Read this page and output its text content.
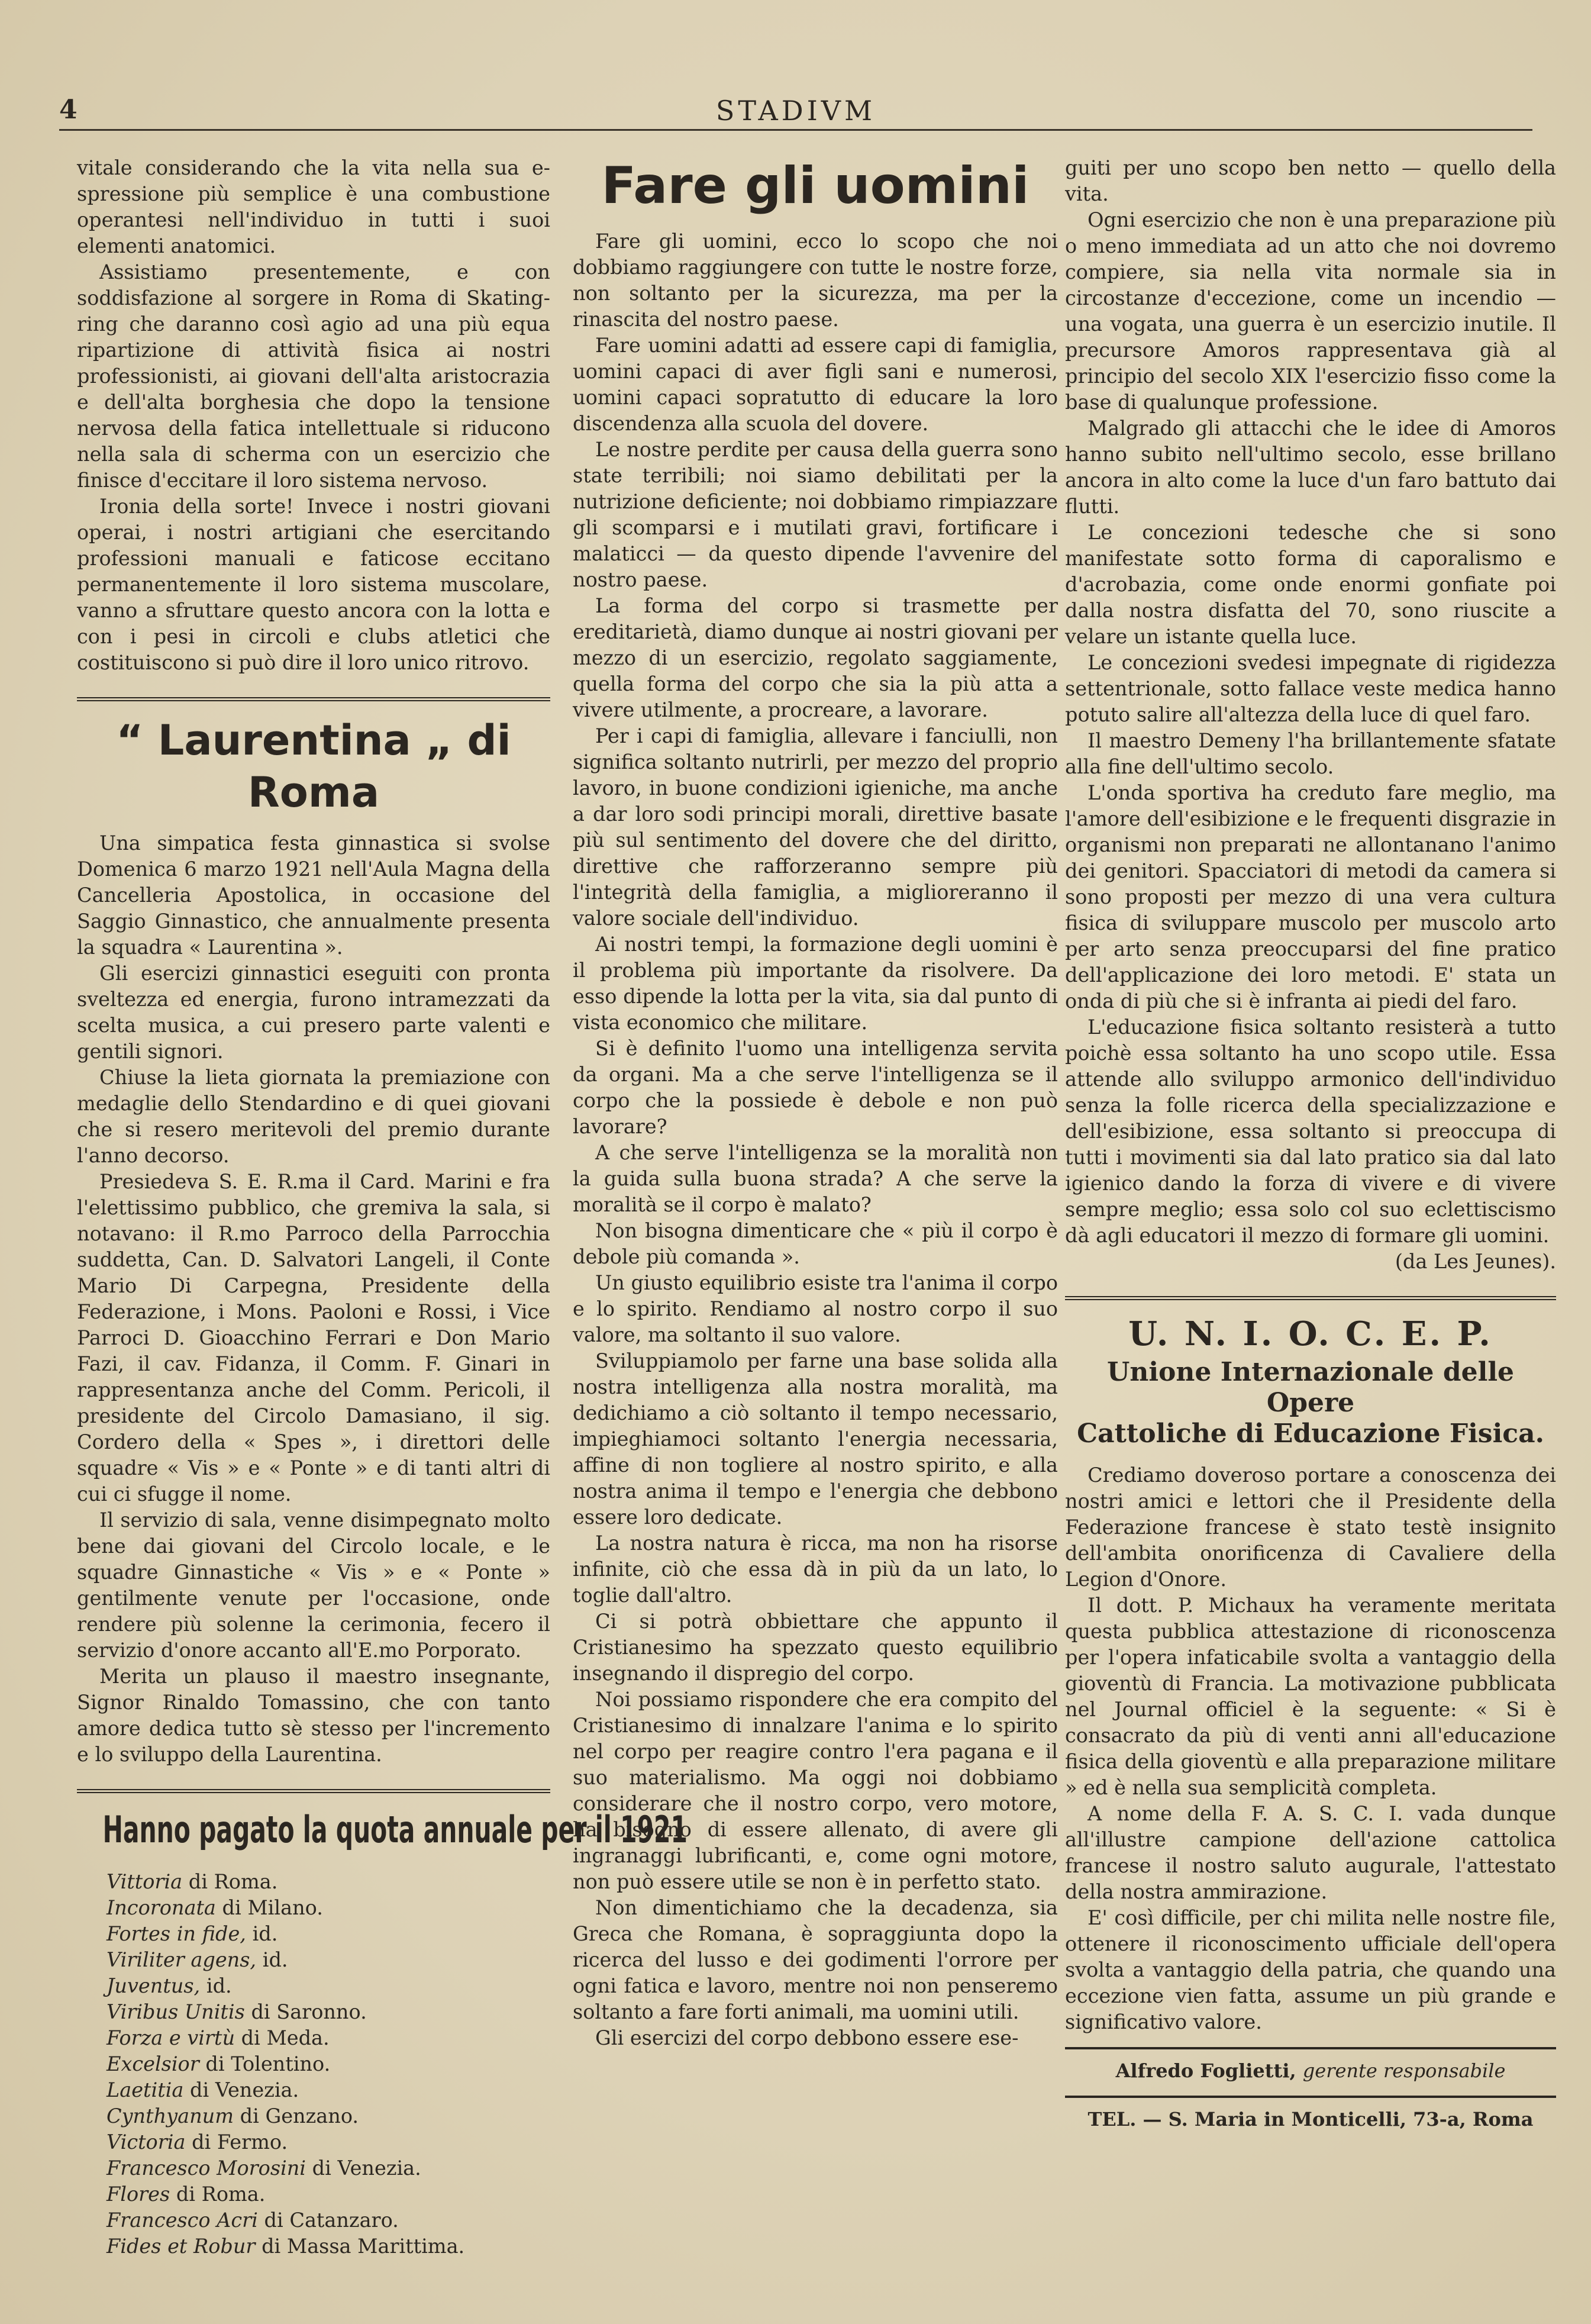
4	STADIVM

vitale considerando che la vita nella sua e-spressione più semplice è una combustione operantesi nell'individuo in tutti i suoi elementi anatomici.

Assistiamo presentemente, e con soddisfazione al sorgere in Roma di Skating-ring che daranno così agio ad una più equa ripartizione di attività fisica ai nostri professionisti, ai giovani dell'alta aristocrazia e dell'alta borghesia che dopo la tensione nervosa della fatica intellettuale si riducono nella sala di scherma con un esercizio che finisce d'eccitare il loro sistema nervoso.

Ironia della sorte! Invece i nostri giovani operai, i nostri artigiani che esercitando professioni manuali e faticose eccitano permanentemente il loro sistema muscolare, vanno a sfruttare questo ancora con la lotta e con i pesi in circoli e clubs atletici che costituiscono si può dire il loro unico ritrovo.

“ Laurentina „ di Roma

Una simpatica festa ginnastica si svolse Domenica 6 marzo 1921 nell'Aula Magna della Cancelleria Apostolica, in occasione del Saggio Ginnastico, che annualmente presenta la squadra « Laurentina ».

Gli esercizi ginnastici eseguiti con pronta sveltezza ed energia, furono intramezzati da scelta musica, a cui presero parte valenti e gentili signori.

Chiuse la lieta giornata la premiazione con medaglie dello Stendardino e di quei giovani che si resero meritevoli del premio durante l'anno decorso.

Presiedeva S. E. R.ma il Card. Marini e fra l'elettissimo pubblico, che gremiva la sala, si notavano: il R.mo Parroco della Parrocchia suddetta, Can. D. Salvatori Langeli, il Conte Mario Di Carpegna, Presidente della Federazione, i Mons. Paoloni e Rossi, i Vice Parroci D. Gioacchino Ferrari e Don Mario Fazi, il cav. Fidanza, il Comm. F. Ginari in rappresentanza anche del Comm. Pericoli, il presidente del Circolo Damasiano, il sig. Cordero della « Spes », i direttori delle squadre « Vis » e « Ponte » e di tanti altri di cui ci sfugge il nome.

Il servizio di sala, venne disimpegnato molto bene dai giovani del Circolo locale, e le squadre Ginnastiche « Vis » e « Ponte » gentilmente venute per l'occasione, onde rendere più solenne la cerimonia, fecero il servizio d'onore accanto all'E.mo Porporato.

Merita un plauso il maestro insegnante, Signor Rinaldo Tomassino, che con tanto amore dedica tutto sè stesso per l'incremento e lo sviluppo della Laurentina.

Hanno pagato la quota annuale per il 1921
Vittoria di Roma.
Incoronata di Milano.
Fortes in fide, id.
Viriliter agens, id.
Juventus, id.
Viribus Unitis di Saronno.
Forza e virtù di Meda.
Excelsior di Tolentino.
Laetitia di Venezia.
Cynthyanum di Genzano.
Victoria di Fermo.
Francesco Morosini di Venezia.
Flores di Roma.
Francesco Acri di Catanzaro.
Fides et Robur di Massa Marittima.
Fare gli uomini

Fare gli uomini, ecco lo scopo che noi dobbiamo raggiungere con tutte le nostre forze, non soltanto per la sicurezza, ma per la rinascita del nostro paese.

Fare uomini adatti ad essere capi di famiglia, uomini capaci di aver figli sani e numerosi, uomini capaci sopratutto di educare la loro discendenza alla scuola del dovere.

Le nostre perdite per causa della guerra sono state terribili; noi siamo debilitati per la nutrizione deficiente; noi dobbiamo rimpiazzare gli scomparsi e i mutilati gravi, fortificare i malaticci — da questo dipende l'avvenire del nostro paese.

La forma del corpo si trasmette per ereditarietà, diamo dunque ai nostri giovani per mezzo di un esercizio, regolato saggiamente, quella forma del corpo che sia la più atta a vivere utilmente, a procreare, a lavorare.

Per i capi di famiglia, allevare i fanciulli, non significa soltanto nutrirli, per mezzo del proprio lavoro, in buone condizioni igieniche, ma anche a dar loro sodi principi morali, direttive basate più sul sentimento del dovere che del diritto, direttive che rafforzeranno sempre più l'integrità della famiglia, a miglioreranno il valore sociale dell'individuo.

Ai nostri tempi, la formazione degli uomini è il problema più importante da risolvere. Da esso dipende la lotta per la vita, sia dal punto di vista economico che militare.

Si è definito l'uomo una intelligenza servita da organi. Ma a che serve l'intelligenza se il corpo che la possiede è debole e non può lavorare?

A che serve l'intelligenza se la moralità non la guida sulla buona strada? A che serve la moralità se il corpo è malato?

Non bisogna dimenticare che « più il corpo è debole più comanda ».

Un giusto equilibrio esiste tra l'anima il corpo e lo spirito. Rendiamo al nostro corpo il suo valore, ma soltanto il suo valore.

Sviluppiamolo per farne una base solida alla nostra intelligenza alla nostra moralità, ma dedichiamo a ciò soltanto il tempo necessario, impieghiamoci soltanto l'energia necessaria, affine di non togliere al nostro spirito, e alla nostra anima il tempo e l'energia che debbono essere loro dedicate.

La nostra natura è ricca, ma non ha risorse infinite, ciò che essa dà in più da un lato, lo toglie dall'altro.

Ci si potrà obbiettare che appunto il Cristianesimo ha spezzato questo equilibrio insegnando il dispregio del corpo.

Noi possiamo rispondere che era compito del Cristianesimo di innalzare l'anima e lo spirito nel corpo per reagire contro l'era pagana e il suo materialismo. Ma oggi noi dobbiamo considerare che il nostro corpo, vero motore, ha bisogno di essere allenato, di avere gli ingranaggi lubrificanti, e, come ogni motore, non può essere utile se non è in perfetto stato.

Non dimentichiamo che la decadenza, sia Greca che Romana, è sopraggiunta dopo la ricerca del lusso e dei godimenti l'orrore per ogni fatica e lavoro, mentre noi non penseremo soltanto a fare forti animali, ma uomini utili.

Gli esercizi del corpo debbono essere ese-

guiti per uno scopo ben netto — quello della vita.

Ogni esercizio che non è una preparazione più o meno immediata ad un atto che noi dovremo compiere, sia nella vita normale sia in circostanze d'eccezione, come un incendio — una vogata, una guerra è un esercizio inutile. Il precursore Amoros rappresentava già al principio del secolo XIX l'esercizio fisso come la base di qualunque professione.

Malgrado gli attacchi che le idee di Amoros hanno subito nell'ultimo secolo, esse brillano ancora in alto come la luce d'un faro battuto dai flutti.

Le concezioni tedesche che si sono manifestate sotto forma di caporalismo e d'acrobazia, come onde enormi gonfiate poi dalla nostra disfatta del 70, sono riuscite a velare un istante quella luce.

Le concezioni svedesi impegnate di rigidezza settentrionale, sotto fallace veste medica hanno potuto salire all'altezza della luce di quel faro.

Il maestro Demeny l'ha brillantemente sfatate alla fine dell'ultimo secolo.

L'onda sportiva ha creduto fare meglio, ma l'amore dell'esibizione e le frequenti disgrazie in organismi non preparati ne allontanano l'animo dei genitori. Spacciatori di metodi da camera si sono proposti per mezzo di una vera cultura fisica di sviluppare muscolo per muscolo arto per arto senza preoccuparsi del fine pratico dell'applicazione dei loro metodi. E' stata un onda di più che si è infranta ai piedi del faro.

L'educazione fisica soltanto resisterà a tutto poichè essa soltanto ha uno scopo utile. Essa attende allo sviluppo armonico dell'individuo senza la folle ricerca della specializzazione e dell'esibizione, essa soltanto si preoccupa di tutti i movimenti sia dal lato pratico sia dal lato igienico dando la forza di vivere e di vivere sempre meglio; essa solo col suo eclettiscismo dà agli educatori il mezzo di formare gli uomini.

(da Les Jeunes).
U. N. I. O. C. E. P.
Unione Internazionale delle Opere
Cattoliche di Educazione Fisica.

Crediamo doveroso portare a conoscenza dei nostri amici e lettori che il Presidente della Federazione francese è stato testè insignito dell'ambita onorificenza di Cavaliere della Legion d'Onore.

Il dott. P. Michaux ha veramente meritata questa pubblica attestazione di riconoscenza per l'opera infaticabile svolta a vantaggio della gioventù di Francia. La motivazione pubblicata nel Journal officiel è la seguente: « Si è consacrato da più di venti anni all'educazione fisica della gioventù e alla preparazione militare » ed è nella sua semplicità completa.

A nome della F. A. S. C. I. vada dunque all'illustre campione dell'azione cattolica francese il nostro saluto augurale, l'attestato della nostra ammirazione.

E' così difficile, per chi milita nelle nostre file, ottenere il riconoscimento ufficiale dell'opera svolta a vantaggio della patria, che quando una eccezione vien fatta, assume un più grande e significativo valore.

Alfredo Foglietti, gerente responsabile
TEL. — S. Maria in Monticelli, 73-a, Roma
